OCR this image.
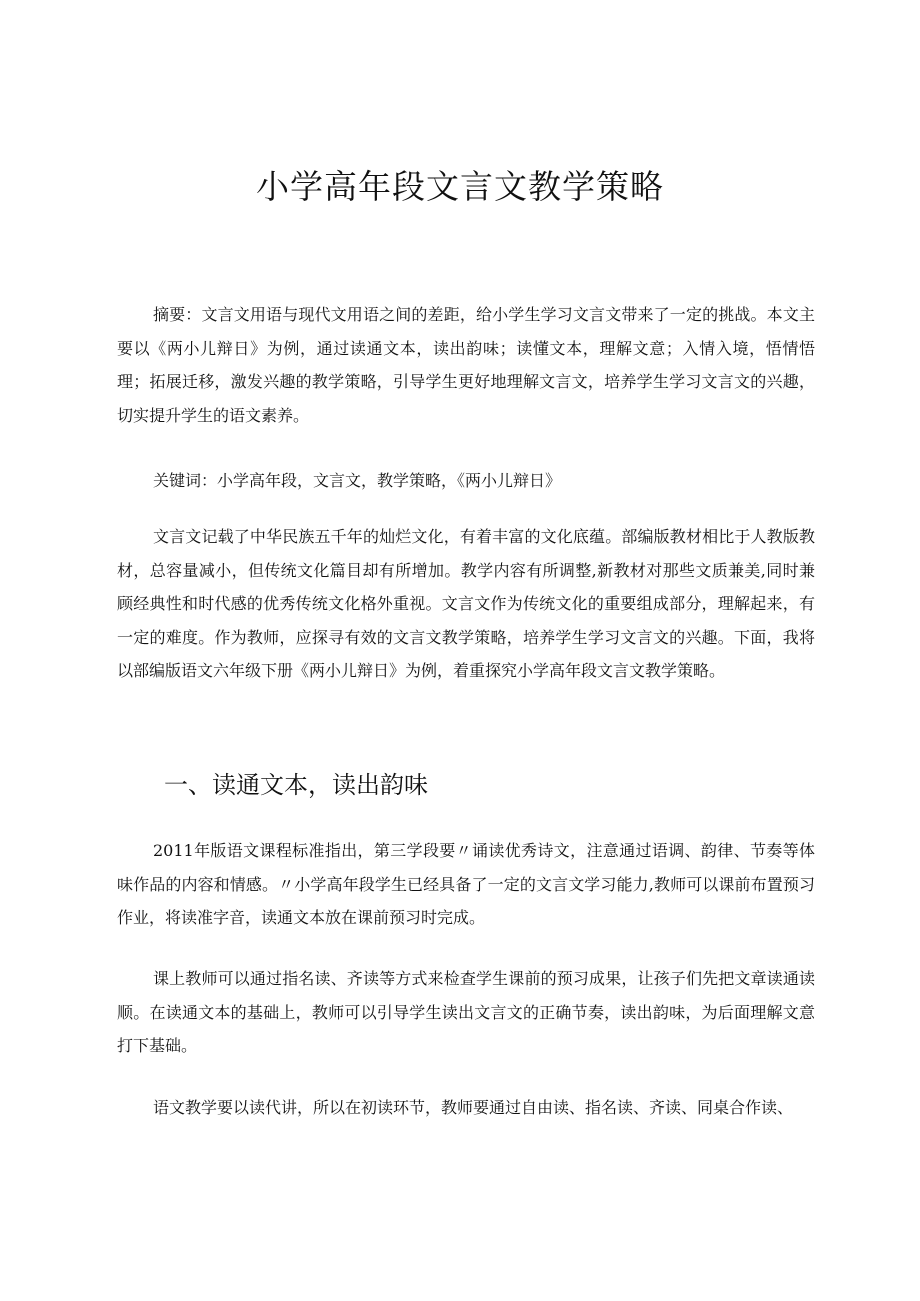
小学高年段文言文教学策略

摘要：文言文用语与现代文用语之间的差距，给小学生学习文言文带来了一定的挑战。本文主要以《两小儿辩日》为例，通过读通文本，读出韵味；读懂文本，理解文意；入情入境，悟情悟理；拓展迁移，激发兴趣的教学策略，引导学生更好地理解文言文，培养学生学习文言文的兴趣，切实提升学生的语文素养。

关键词：小学高年段，文言文，教学策略，《两小儿辩日》

文言文记载了中华民族五千年的灿烂文化，有着丰富的文化底蕴。部编版教材相比于人教版教材，总容量减小，但传统文化篇目却有所增加。教学内容有所调整,新教材对那些文质兼美,同时兼顾经典性和时代感的优秀传统文化格外重视。文言文作为传统文化的重要组成部分，理解起来，有一定的难度。作为教师，应探寻有效的文言文教学策略，培养学生学习文言文的兴趣。下面，我将以部编版语文六年级下册《两小儿辩日》为例，着重探究小学高年段文言文教学策略。

一、读通文本，读出韵味

2011年版语文课程标准指出，第三学段要〃诵读优秀诗文，注意通过语调、韵律、节奏等体味作品的内容和情感。〃小学高年段学生已经具备了一定的文言文学习能力,教师可以课前布置预习作业，将读准字音，读通文本放在课前预习时完成。

课上教师可以通过指名读、齐读等方式来检查学生课前的预习成果，让孩子们先把文章读通读顺。在读通文本的基础上，教师可以引导学生读出文言文的正确节奏，读出韵味，为后面理解文意打下基础。

语文教学要以读代讲，所以在初读环节，教师要通过自由读、指名读、齐读、同桌合作读、
